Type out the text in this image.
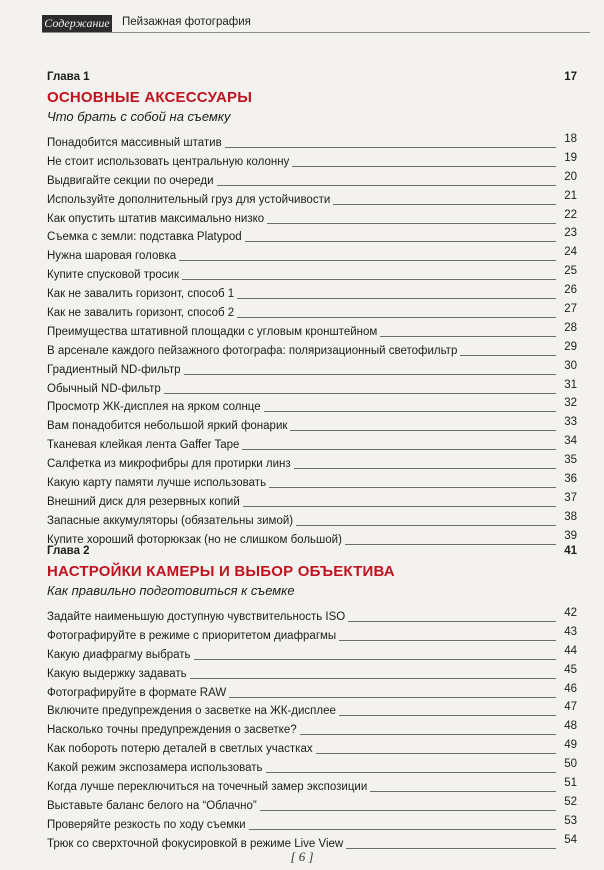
Содержание Пейзажная фотография
Глава 1	17
ОСНОВНЫЕ АКСЕССУАРЫ
Что брать с собой на съемку
Понадобится массивный штатив	18
Не стоит использовать центральную колонну	19
Выдвигайте секции по очереди	20
Используйте дополнительный груз для устойчивости	21
Как опустить штатив максимально низко	22
Съемка с земли: подставка Platypod	23
Нужна шаровая головка	24
Купите спусковой тросик	25
Как не завалить горизонт, способ 1	26
Как не завалить горизонт, способ 2	27
Преимущества штативной площадки с угловым кронштейном	28
В арсенале каждого пейзажного фотографа: поляризационный светофильтр	29
Градиентный ND-фильтр	30
Обычный ND-фильтр	31
Просмотр ЖК-дисплея на ярком солнце	32
Вам понадобится небольшой яркий фонарик	33
Тканевая клейкая лента Gaffer Tape	34
Салфетка из микрофибры для протирки линз	35
Какую карту памяти лучше использовать	36
Внешний диск для резервных копий	37
Запасные аккумуляторы (обязательны зимой)	38
Купите хороший фоторюкзак (но не слишком большой)	39
Глава 2	41
НАСТРОЙКИ КАМЕРЫ И ВЫБОР ОБЪЕКТИВА
Как правильно подготовиться к съемке
Задайте наименьшую доступную чувствительность ISO	42
Фотографируйте в режиме с приоритетом диафрагмы	43
Какую диафрагму выбрать	44
Какую выдержку задавать	45
Фотографируйте в формате RAW	46
Включите предупреждения о засветке на ЖК-дисплее	47
Насколько точны предупреждения о засветке?	48
Как побороть потерю деталей в светлых участках	49
Какой режим экспозамера использовать	50
Когда лучше переключиться на точечный замер экспозиции	51
Выставьте баланс белого на “Облачно”	52
Проверяйте резкость по ходу съемки	53
Трюк со сверхточной фокусировкой в режиме Live View	54
[ 6 ]
